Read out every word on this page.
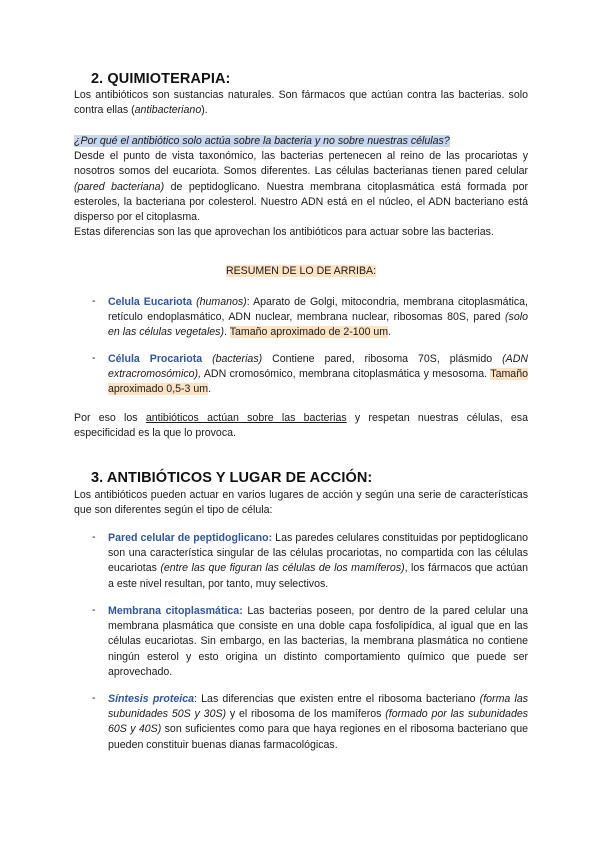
2. QUIMIOTERAPIA:
Los antibióticos son sustancias naturales. Son fármacos que actúan contra las bacterias. solo contra ellas (antibacteriano).
¿Por qué el antibiótico solo actúa sobre la bacteria y no sobre nuestras células?
Desde el punto de vista taxonómico, las bacterias pertenecen al reino de las procariotas y nosotros somos del eucariota. Somos diferentes. Las células bacterianas tienen pared celular (pared bacteriana) de peptidoglicano. Nuestra membrana citoplasmática está formada por esteroles, la bacteriana por colesterol. Nuestro ADN está en el núcleo, el ADN bacteriano está disperso por el citoplasma.
Estas diferencias son las que aprovechan los antibióticos para actuar sobre las bacterias.
RESUMEN DE LO DE ARRIBA:
- Celula Eucariota (humanos): Aparato de Golgi, mitocondria, membrana citoplasmática, retículo endoplasmático, ADN nuclear, membrana nuclear, ribosomas 80S, pared (solo en las células vegetales). Tamaño aproximado de 2-100 um.
- Célula Procariota (bacterias) Contiene pared, ribosoma 70S, plásmido (ADN extracromosómico), ADN cromosómico, membrana citoplasmática y mesosoma. Tamaño aproximado 0,5-3 um.
Por eso los antibióticos actúan sobre las bacterias y respetan nuestras células, esa especificidad es la que lo provoca.
3. ANTIBIÓTICOS Y LUGAR DE ACCIÓN:
Los antibióticos pueden actuar en varios lugares de acción y según una serie de características que son diferentes según el tipo de célula:
- Pared celular de peptidoglicano: Las paredes celulares constituidas por peptidoglicano son una característica singular de las células procariotas, no compartida con las células eucariotas (entre las que figuran las células de los mamíferos), los fármacos que actúan a este nivel resultan, por tanto, muy selectivos.
- Membrana citoplasmática: Las bacterias poseen, por dentro de la pared celular una membrana plasmática que consiste en una doble capa fosfolipídica, al igual que en las células eucariotas. Sin embargo, en las bacterias, la membrana plasmática no contiene ningún esterol y esto origina un distinto comportamiento químico que puede ser aprovechado.
- Síntesis proteica: Las diferencias que existen entre el ribosoma bacteriano (forma las subunidades 50S y 30S) y el ribosoma de los mamíferos (formado por las subunidades 60S y 40S) son suficientes como para que haya regiones en el ribosoma bacteriano que pueden constituir buenas dianas farmacológicas.
